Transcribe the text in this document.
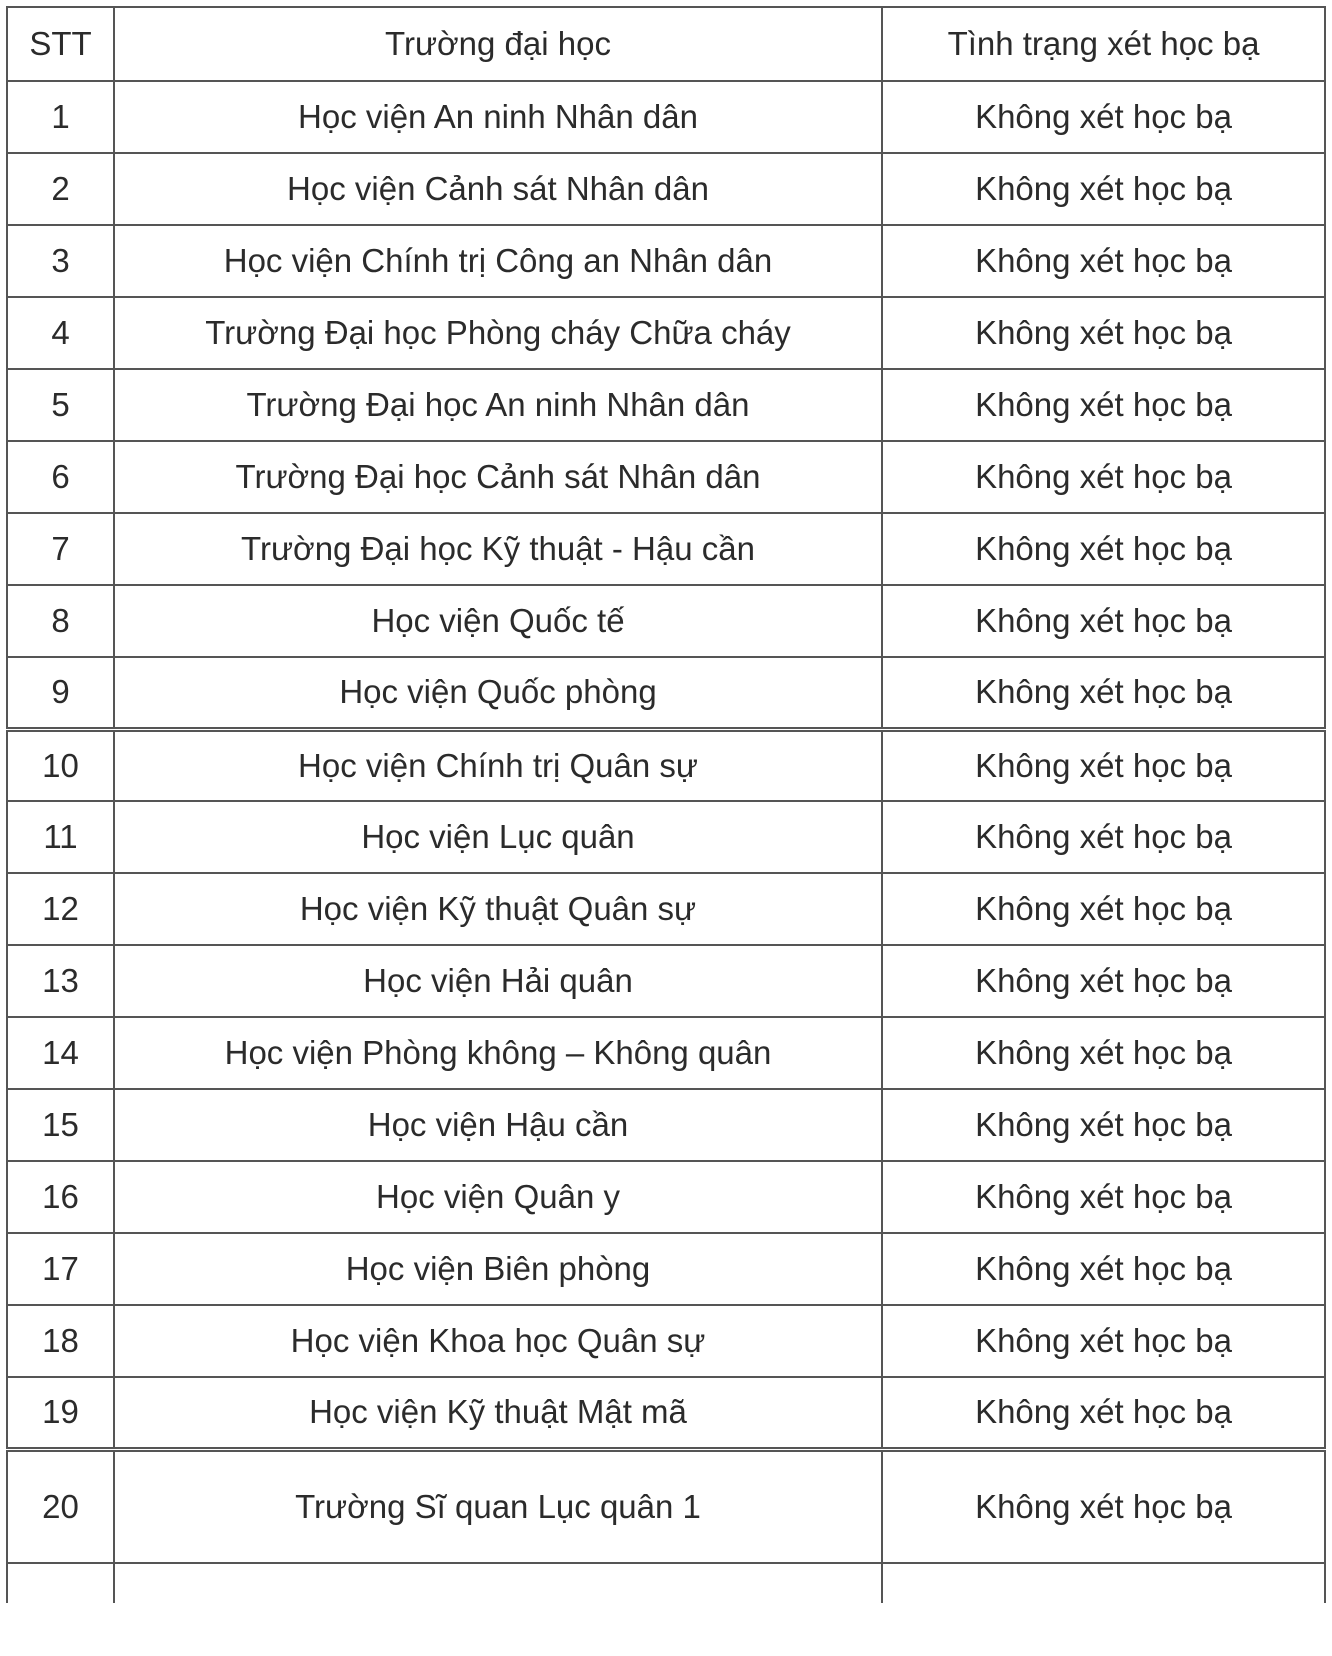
STT	Trường đại học	Tình trạng xét học bạ
1	Học viện An ninh Nhân dân	Không xét học bạ
2	Học viện Cảnh sát Nhân dân	Không xét học bạ
3	Học viện Chính trị Công an Nhân dân	Không xét học bạ
4	Trường Đại học Phòng cháy Chữa cháy	Không xét học bạ
5	Trường Đại học An ninh Nhân dân	Không xét học bạ
6	Trường Đại học Cảnh sát Nhân dân	Không xét học bạ
7	Trường Đại học Kỹ thuật - Hậu cần	Không xét học bạ
8	Học viện Quốc tế	Không xét học bạ
9	Học viện Quốc phòng	Không xét học bạ
10	Học viện Chính trị Quân sự	Không xét học bạ
11	Học viện Lục quân	Không xét học bạ
12	Học viện Kỹ thuật Quân sự	Không xét học bạ
13	Học viện Hải quân	Không xét học bạ
14	Học viện Phòng không – Không quân	Không xét học bạ
15	Học viện Hậu cần	Không xét học bạ
16	Học viện Quân y	Không xét học bạ
17	Học viện Biên phòng	Không xét học bạ
18	Học viện Khoa học Quân sự	Không xét học bạ
19	Học viện Kỹ thuật Mật mã	Không xét học bạ
20	Trường Sĩ quan Lục quân 1	Không xét học bạ
